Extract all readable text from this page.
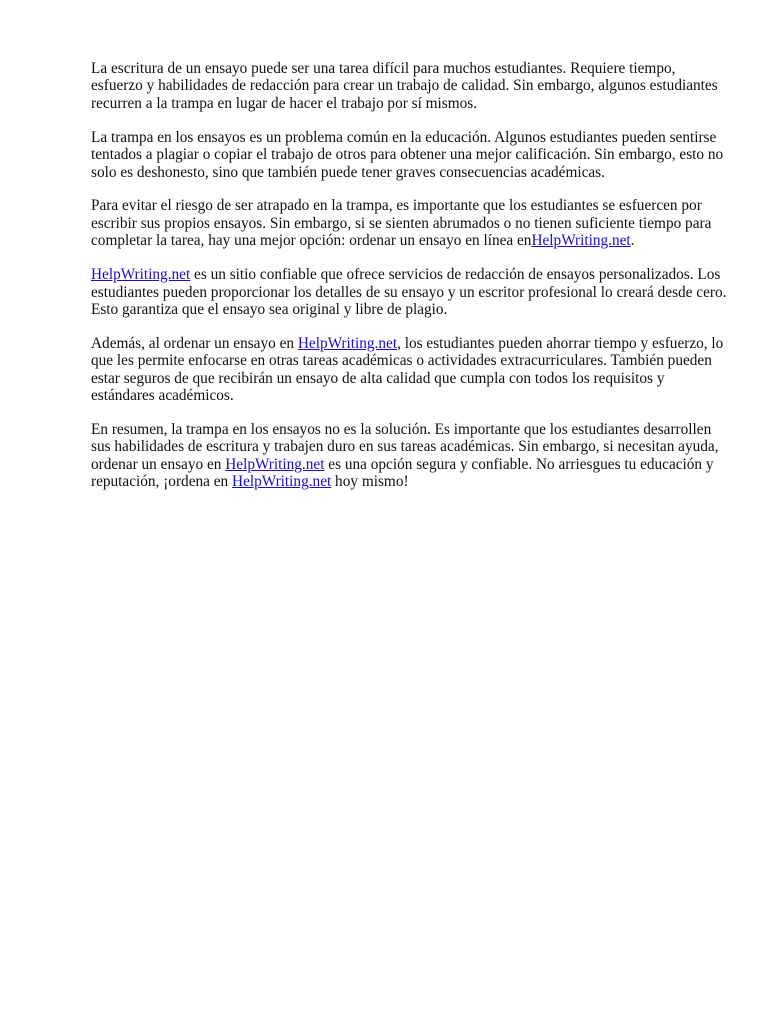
La escritura de un ensayo puede ser una tarea difícil para muchos estudiantes. Requiere tiempo, esfuerzo y habilidades de redacción para crear un trabajo de calidad. Sin embargo, algunos estudiantes recurren a la trampa en lugar de hacer el trabajo por sí mismos.

La trampa en los ensayos es un problema común en la educación. Algunos estudiantes pueden sentirse tentados a plagiar o copiar el trabajo de otros para obtener una mejor calificación. Sin embargo, esto no solo es deshonesto, sino que también puede tener graves consecuencias académicas.

Para evitar el riesgo de ser atrapado en la trampa, es importante que los estudiantes se esfuercen por escribir sus propios ensayos. Sin embargo, si se sienten abrumados o no tienen suficiente tiempo para completar la tarea, hay una mejor opción: ordenar un ensayo en línea enHelpWriting.net.

HelpWriting.net es un sitio confiable que ofrece servicios de redacción de ensayos personalizados. Los estudiantes pueden proporcionar los detalles de su ensayo y un escritor profesional lo creará desde cero. Esto garantiza que el ensayo sea original y libre de plagio.

Además, al ordenar un ensayo en HelpWriting.net, los estudiantes pueden ahorrar tiempo y esfuerzo, lo que les permite enfocarse en otras tareas académicas o actividades extracurriculares. También pueden estar seguros de que recibirán un ensayo de alta calidad que cumpla con todos los requisitos y estándares académicos.

En resumen, la trampa en los ensayos no es la solución. Es importante que los estudiantes desarrollen sus habilidades de escritura y trabajen duro en sus tareas académicas. Sin embargo, si necesitan ayuda, ordenar un ensayo en HelpWriting.net es una opción segura y confiable. No arriesgues tu educación y reputación, ¡ordena en HelpWriting.net hoy mismo!
